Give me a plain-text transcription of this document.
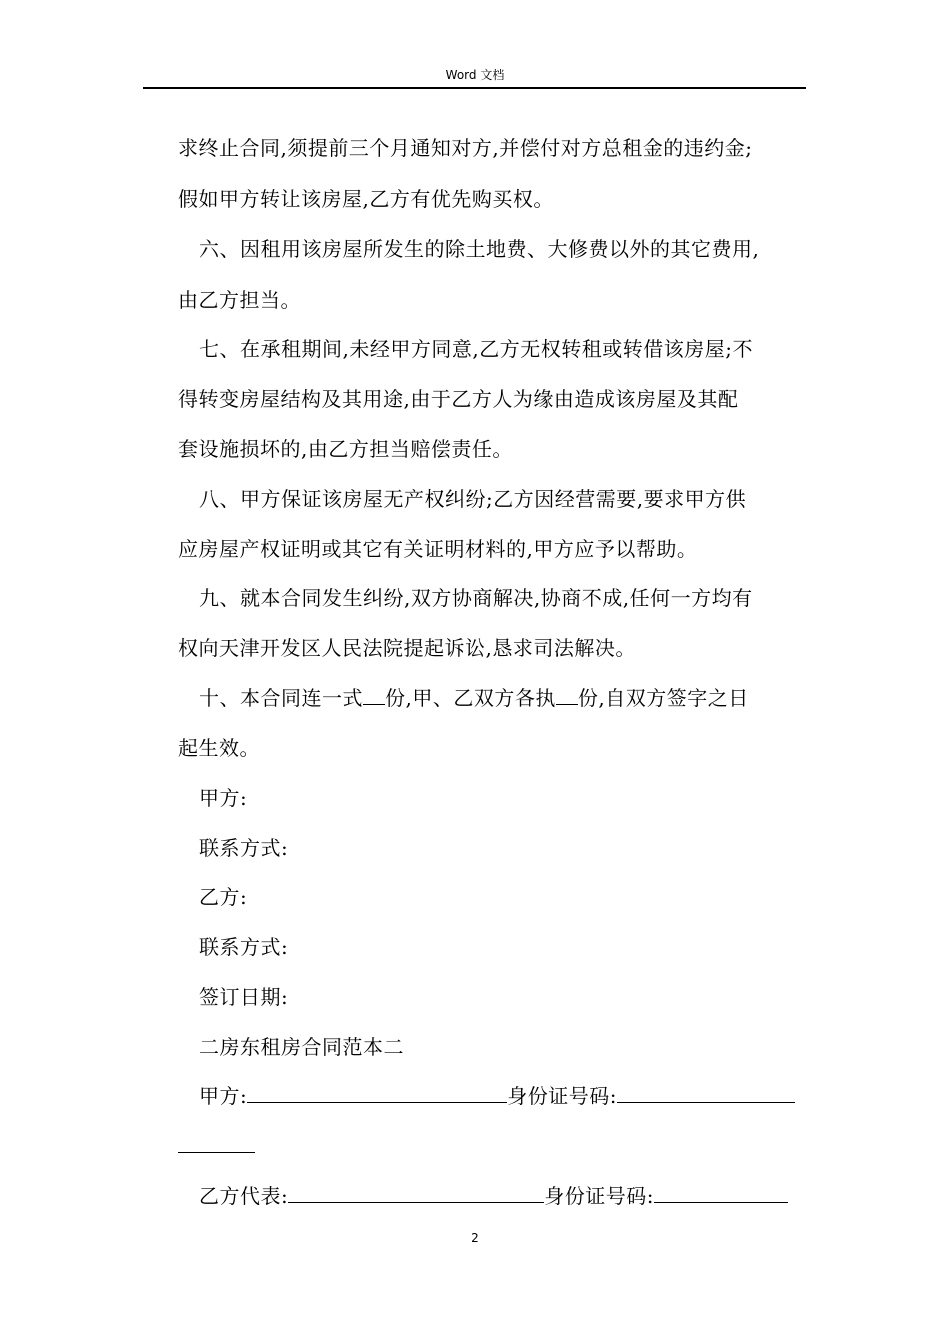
Word 文档
求终止合同,须提前三个月通知对方,并偿付对方总租金的违约金;
假如甲方转让该房屋,乙方有优先购买权。
六、因租用该房屋所发生的除土地费、大修费以外的其它费用,
由乙方担当。
七、在承租期间,未经甲方同意,乙方无权转租或转借该房屋;不
得转变房屋结构及其用途,由于乙方人为缘由造成该房屋及其配
套设施损坏的,由乙方担当赔偿责任。
八、甲方保证该房屋无产权纠纷;乙方因经营需要,要求甲方供
应房屋产权证明或其它有关证明材料的,甲方应予以帮助。
九、就本合同发生纠纷,双方协商解决,协商不成,任何一方均有
权向天津开发区人民法院提起诉讼,恳求司法解决。
十、本合同连一式 份,甲、乙双方各执 份,自双方签字之日
起生效。
甲方:
联系方式:
乙方:
联系方式:
签订日期:
二房东租房合同范本二
甲方:	身份证号码:
乙方代表:	身份证号码:
2
